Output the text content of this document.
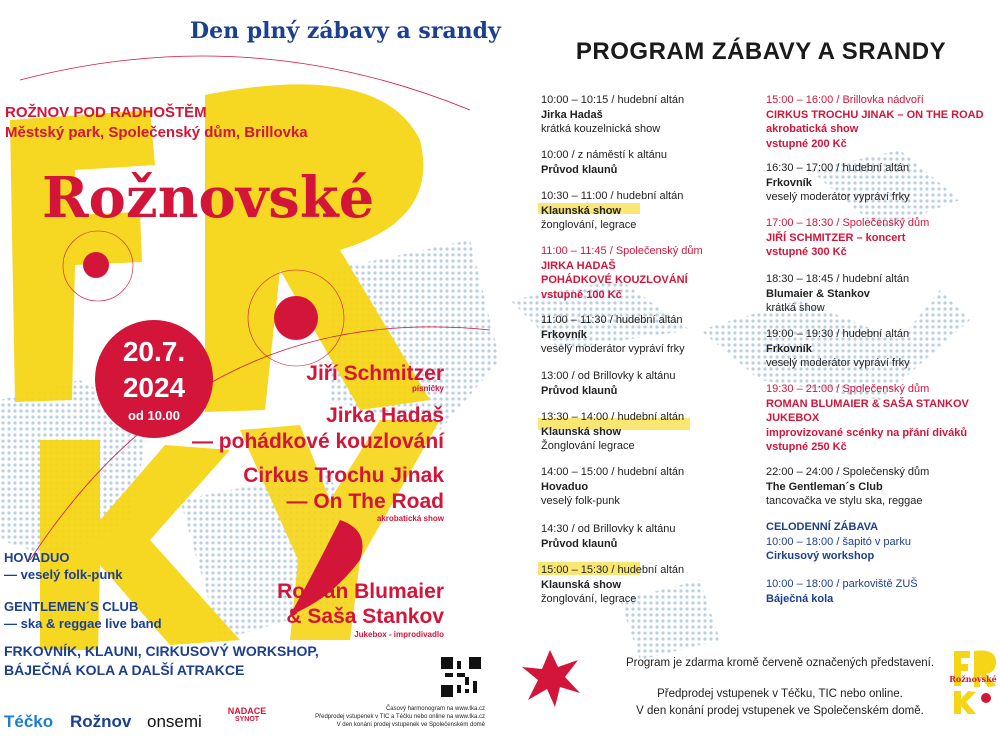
Den plný zábavy a srandy
ROŽNOV POD RADHOŠTĚM
Městský park, Společenský dům, Brillovka
Rožnovské
20.7.
2024
od 10.00
Jiří Schmitzer
písničky
Jirka Hadaš
— pohádkové kouzlování
Cirkus Trochu Jinak
— On The Road
akrobatická show
Roman Blumaier
& Saša Stankov
Jukebox - improdivadlo
HOVADUO
— veselý folk-punk
GENTLEMEN´S CLUB
— ska & reggae live band
FRKOVNÍK, KLAUNI, CIRKUSOVÝ WORKSHOP,
BÁJEČNÁ KOLA A DALŠÍ ATRAKCE
Časový harmonogram na www.tka.cz
Předprodej vstupenek v TIC a Téčku nebo online na www.tka.cz
V den konání prodej vstupenek ve Společenském domě
Téčko Rožnov onsemi
NADACE
SYNOT
PROGRAM ZÁBAVY A SRANDY
10:00 – 10:15 / hudební altán
Jirka Hadaš
krátká kouzelnická show
10:00 / z náměstí k altánu
Průvod klaunů
10:30 – 11:00 / hudební altán
Klaunská show
žonglování, legrace
11:00 – 11:45 / Společenský dům
JIRKA HADAŠ
POHÁDKOVÉ KOUZLOVÁNÍ
vstupné 100 Kč
11:00 – 11:30 / hudební altán
Frkovník
veselý moderátor vypráví frky
13:00 / od Brillovky k altánu
Průvod klaunů
13:30 – 14:00 / hudební altán
Klaunská show
Žonglování legrace
14:00 – 15:00 / hudební altán
Hovaduo
veselý folk-punk
14:30 / od Brillovky k altánu
Průvod klaunů
15:00 – 15:30 / hudební altán
Klaunská show
žonglování, legrace
15:00 – 16:00 / Brillovka nádvoří
CIRKUS TROCHU JINAK – ON THE ROAD
akrobatická show
vstupné 200 Kč
16:30 – 17:00 / hudební altán
Frkovník
veselý moderátor vypráví frky
17:00 – 18:30 / Společenský dům
JIŘÍ SCHMITZER – koncert
vstupné 300 Kč
18:30 – 18:45 / hudební altán
Blumaier & Stankov
krátká show
19:00 – 19:30 / hudební altán
Frkovník
veselý moderátor vypráví frky
19:30 – 21:00 / Společenský dům
ROMAN BLUMAIER & SAŠA STANKOV
JUKEBOX
improvizované scénky na přání diváků
vstupné 250 Kč
22:00 – 24:00 / Společenský dům
The Gentleman´s Club
tancovačka ve stylu ska, reggae
CELODENNÍ ZÁBAVA
10:00 – 18:00 / šapitó v parku
Cirkusový workshop
10:00 – 18:00 / parkoviště ZUŠ
Báječná kola
Program je zdarma kromě červeně označených představení.
Předprodej vstupenek v Téčku, TIC nebo online.
V den konání prodej vstupenek ve Společenském domě.
Rožnovské
